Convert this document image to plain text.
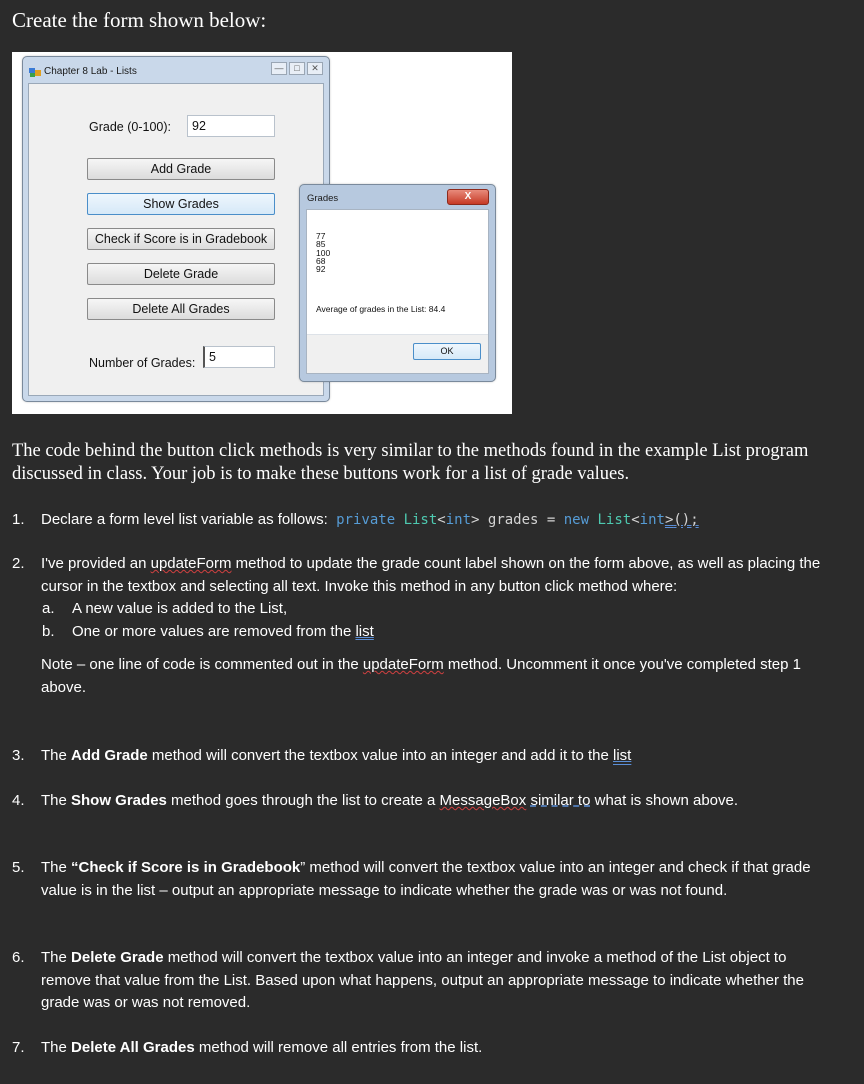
Create the form shown below:
Chapter 8 Lab - Lists	— □ ✕
Grade (0-100):	92
Add Grade
Show Grades
Check if Score is in Gradebook
Delete Grade
Delete All Grades
Number of Grades:	5
Grades	X
77
85
100
68
92
Average of grades in the List: 84.4
OK
The code behind the button click methods is very similar to the methods found in the example List program discussed in class. Your job is to make these buttons work for a list of grade values.
1. Declare a form level list variable as follows: private List<int> grades = new List<int>();
2. I've provided an updateForm method to update the grade count label shown on the form above, as well as placing the cursor in the textbox and selecting all text. Invoke this method in any button click method where:
a. A new value is added to the List,
b. One or more values are removed from the list
Note – one line of code is commented out in the updateForm method. Uncomment it once you've completed step 1 above.
3. The Add Grade method will convert the textbox value into an integer and add it to the list
4. The Show Grades method goes through the list to create a MessageBox similar to what is shown above.
5. The “Check if Score is in Gradebook” method will convert the textbox value into an integer and check if that grade value is in the list – output an appropriate message to indicate whether the grade was or was not found.
6. The Delete Grade method will convert the textbox value into an integer and invoke a method of the List object to remove that value from the List. Based upon what happens, output an appropriate message to indicate whether the grade was or was not removed.
7. The Delete All Grades method will remove all entries from the list.
